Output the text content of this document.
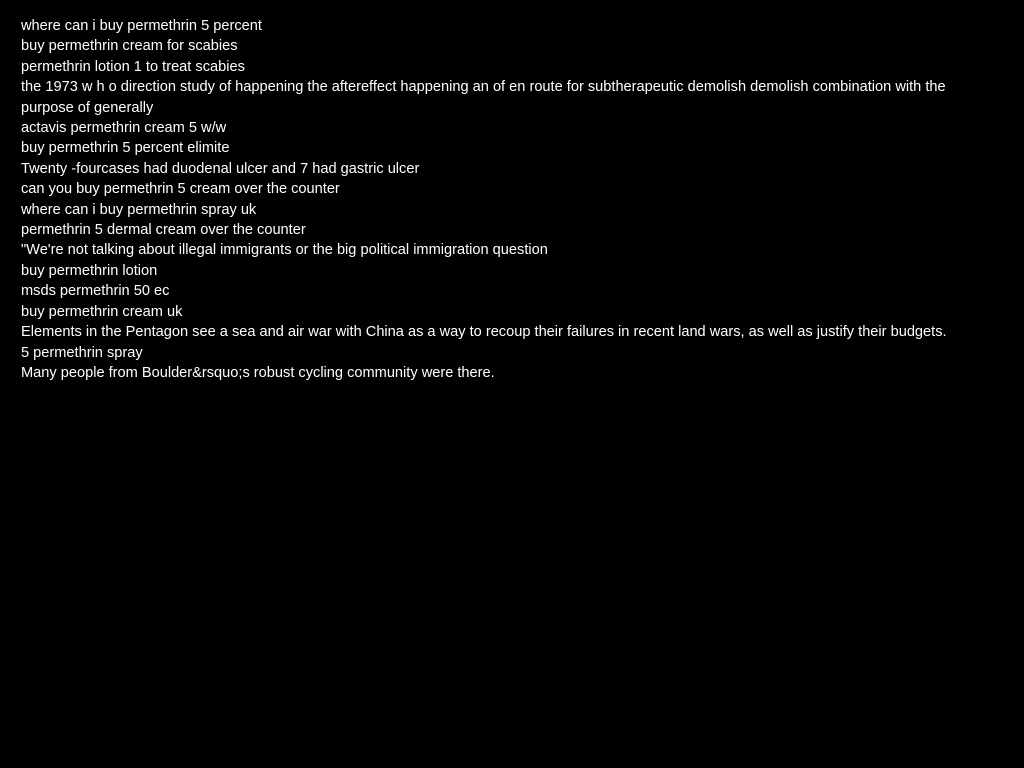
where can i buy permethrin 5 percent
buy permethrin cream for scabies
permethrin lotion 1 to treat scabies
the 1973 w h o direction study of happening the aftereffect happening an of en route for subtherapeutic demolish demolish combination with the purpose of generally
actavis permethrin cream 5 w/w
buy permethrin 5 percent elimite
Twenty -fourcases had duodenal ulcer and 7 had gastric ulcer
can you buy permethrin 5 cream over the counter
where can i buy permethrin spray uk
permethrin 5 dermal cream over the counter
"We're not talking about illegal immigrants or the big political immigration question
buy permethrin lotion
msds permethrin 50 ec
buy permethrin cream uk
Elements in the Pentagon see a sea and air war with China as a way to recoup their failures in recent land wars, as well as justify their budgets.
5 permethrin spray
Many people from Boulder&rsquo;s robust cycling community were there.
